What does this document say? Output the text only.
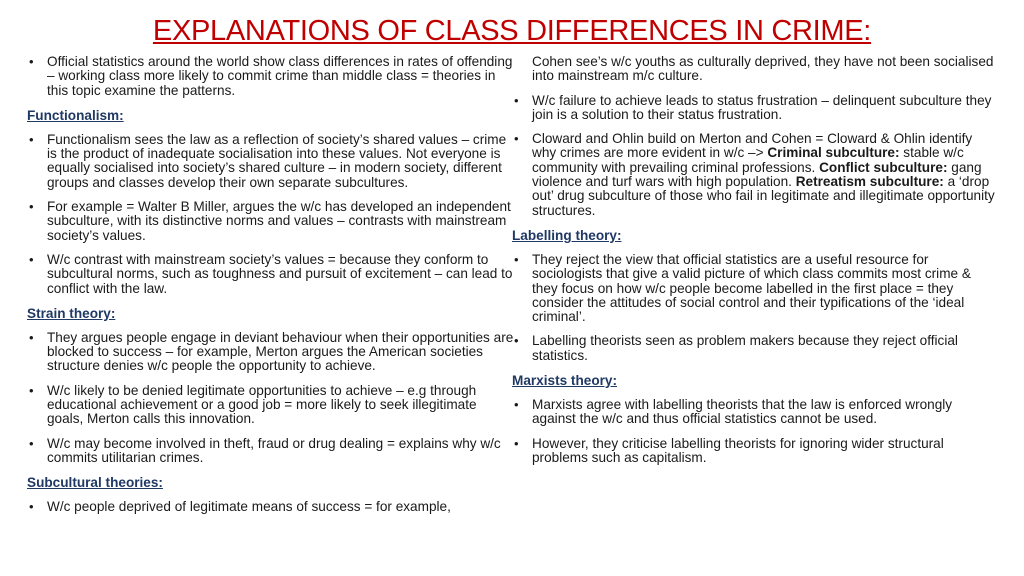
EXPLANATIONS OF CLASS DIFFERENCES IN CRIME:
• Official statistics around the world show class differences in rates of offending – working class more likely to commit crime than middle class = theories in this topic examine the patterns.
Functionalism:
• Functionalism sees the law as a reflection of society’s shared values – crime is the product of inadequate socialisation into these values. Not everyone is equally socialised into society’s shared culture – in modern society, different groups and classes develop their own separate subcultures.
• For example = Walter B Miller, argues the w/c has developed an independent subculture, with its distinctive norms and values – contrasts with mainstream society’s values.
• W/c contrast with mainstream society’s values = because they conform to subcultural norms, such as toughness and pursuit of excitement – can lead to conflict with the law.
Strain theory:
• They argues people engage in deviant behaviour when their opportunities are blocked to success – for example, Merton argues the American societies structure denies w/c people the opportunity to achieve.
• W/c likely to be denied legitimate opportunities to achieve – e.g through educational achievement or a good job = more likely to seek illegitimate goals, Merton calls this innovation.
• W/c may become involved in theft, fraud or drug dealing = explains why w/c commits utilitarian crimes.
Subcultural theories:
• W/c people deprived of legitimate means of success = for example,
Cohen see’s w/c youths as culturally deprived, they have not been socialised into mainstream m/c culture.
• W/c failure to achieve leads to status frustration – delinquent subculture they join is a solution to their status frustration.
• Cloward and Ohlin build on Merton and Cohen = Cloward & Ohlin identify why crimes are more evident in w/c –> Criminal subculture: stable w/c community with prevailing criminal professions. Conflict subculture: gang violence and turf wars with high population. Retreatism subculture: a ‘drop out’ drug subculture of those who fail in legitimate and illegitimate opportunity structures.
Labelling theory:
• They reject the view that official statistics are a useful resource for sociologists that give a valid picture of which class commits most crime & they focus on how w/c people become labelled in the first place = they consider the attitudes of social control and their typifications of the ‘ideal criminal’.
• Labelling theorists seen as problem makers because they reject official statistics.
Marxists theory:
• Marxists agree with labelling theorists that the law is enforced wrongly against the w/c and thus official statistics cannot be used.
• However, they criticise labelling theorists for ignoring wider structural problems such as capitalism.
